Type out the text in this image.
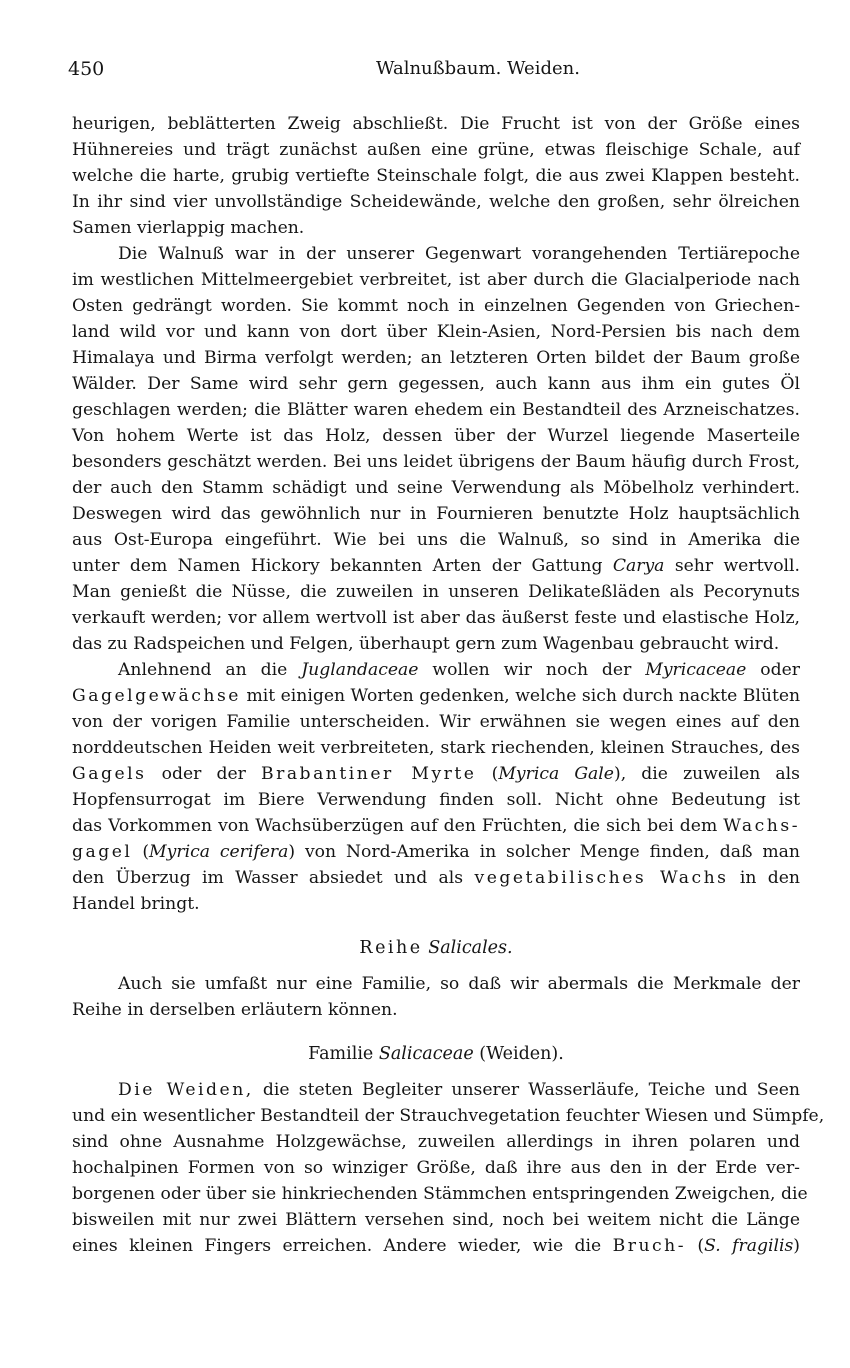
450	Walnußbaum. Weiden.
heurigen, beblätterten Zweig abschließt. Die Frucht ist von der Größe eines
Hühnereies und trägt zunächst außen eine grüne, etwas fleischige Schale, auf
welche die harte, grubig vertiefte Steinschale folgt, die aus zwei Klappen besteht.
In ihr sind vier unvollständige Scheidewände, welche den großen, sehr ölreichen
Samen vierlappig machen.
Die Walnuß war in der unserer Gegenwart vorangehenden Tertiärepoche
im westlichen Mittelmeergebiet verbreitet, ist aber durch die Glacialperiode nach
Osten gedrängt worden. Sie kommt noch in einzelnen Gegenden von Griechen-
land wild vor und kann von dort über Klein-Asien, Nord-Persien bis nach dem
Himalaya und Birma verfolgt werden; an letzteren Orten bildet der Baum große
Wälder. Der Same wird sehr gern gegessen, auch kann aus ihm ein gutes Öl
geschlagen werden; die Blätter waren ehedem ein Bestandteil des Arzneischatzes.
Von hohem Werte ist das Holz, dessen über der Wurzel liegende Maserteile
besonders geschätzt werden. Bei uns leidet übrigens der Baum häufig durch Frost,
der auch den Stamm schädigt und seine Verwendung als Möbelholz verhindert.
Deswegen wird das gewöhnlich nur in Fournieren benutzte Holz hauptsächlich
aus Ost-Europa eingeführt. Wie bei uns die Walnuß, so sind in Amerika die
unter dem Namen Hickory bekannten Arten der Gattung Carya sehr wertvoll.
Man genießt die Nüsse, die zuweilen in unseren Delikateßläden als Pecorynuts
verkauft werden; vor allem wertvoll ist aber das äußerst feste und elastische Holz,
das zu Radspeichen und Felgen, überhaupt gern zum Wagenbau gebraucht wird.
Anlehnend an die Juglandaceae wollen wir noch der Myricaceae oder
Gagelgewächse mit einigen Worten gedenken, welche sich durch nackte Blüten
von der vorigen Familie unterscheiden. Wir erwähnen sie wegen eines auf den
norddeutschen Heiden weit verbreiteten, stark riechenden, kleinen Strauches, des
Gagels oder der Brabantiner Myrte (Myrica Gale), die zuweilen als
Hopfensurrogat im Biere Verwendung finden soll. Nicht ohne Bedeutung ist
das Vorkommen von Wachsüberzügen auf den Früchten, die sich bei dem Wachs-
gagel (Myrica cerifera) von Nord-Amerika in solcher Menge finden, daß man
den Überzug im Wasser absiedet und als vegetabilisches Wachs in den
Handel bringt.
Reihe Salicales.
Auch sie umfaßt nur eine Familie, so daß wir abermals die Merkmale der
Reihe in derselben erläutern können.
Familie Salicaceae (Weiden).
Die Weiden, die steten Begleiter unserer Wasserläufe, Teiche und Seen
und ein wesentlicher Bestandteil der Strauchvegetation feuchter Wiesen und Sümpfe,
sind ohne Ausnahme Holzgewächse, zuweilen allerdings in ihren polaren und
hochalpinen Formen von so winziger Größe, daß ihre aus den in der Erde ver-
borgenen oder über sie hinkriechenden Stämmchen entspringenden Zweigchen, die
bisweilen mit nur zwei Blättern versehen sind, noch bei weitem nicht die Länge
eines kleinen Fingers erreichen. Andere wieder, wie die Bruch- (S. fragilis)
